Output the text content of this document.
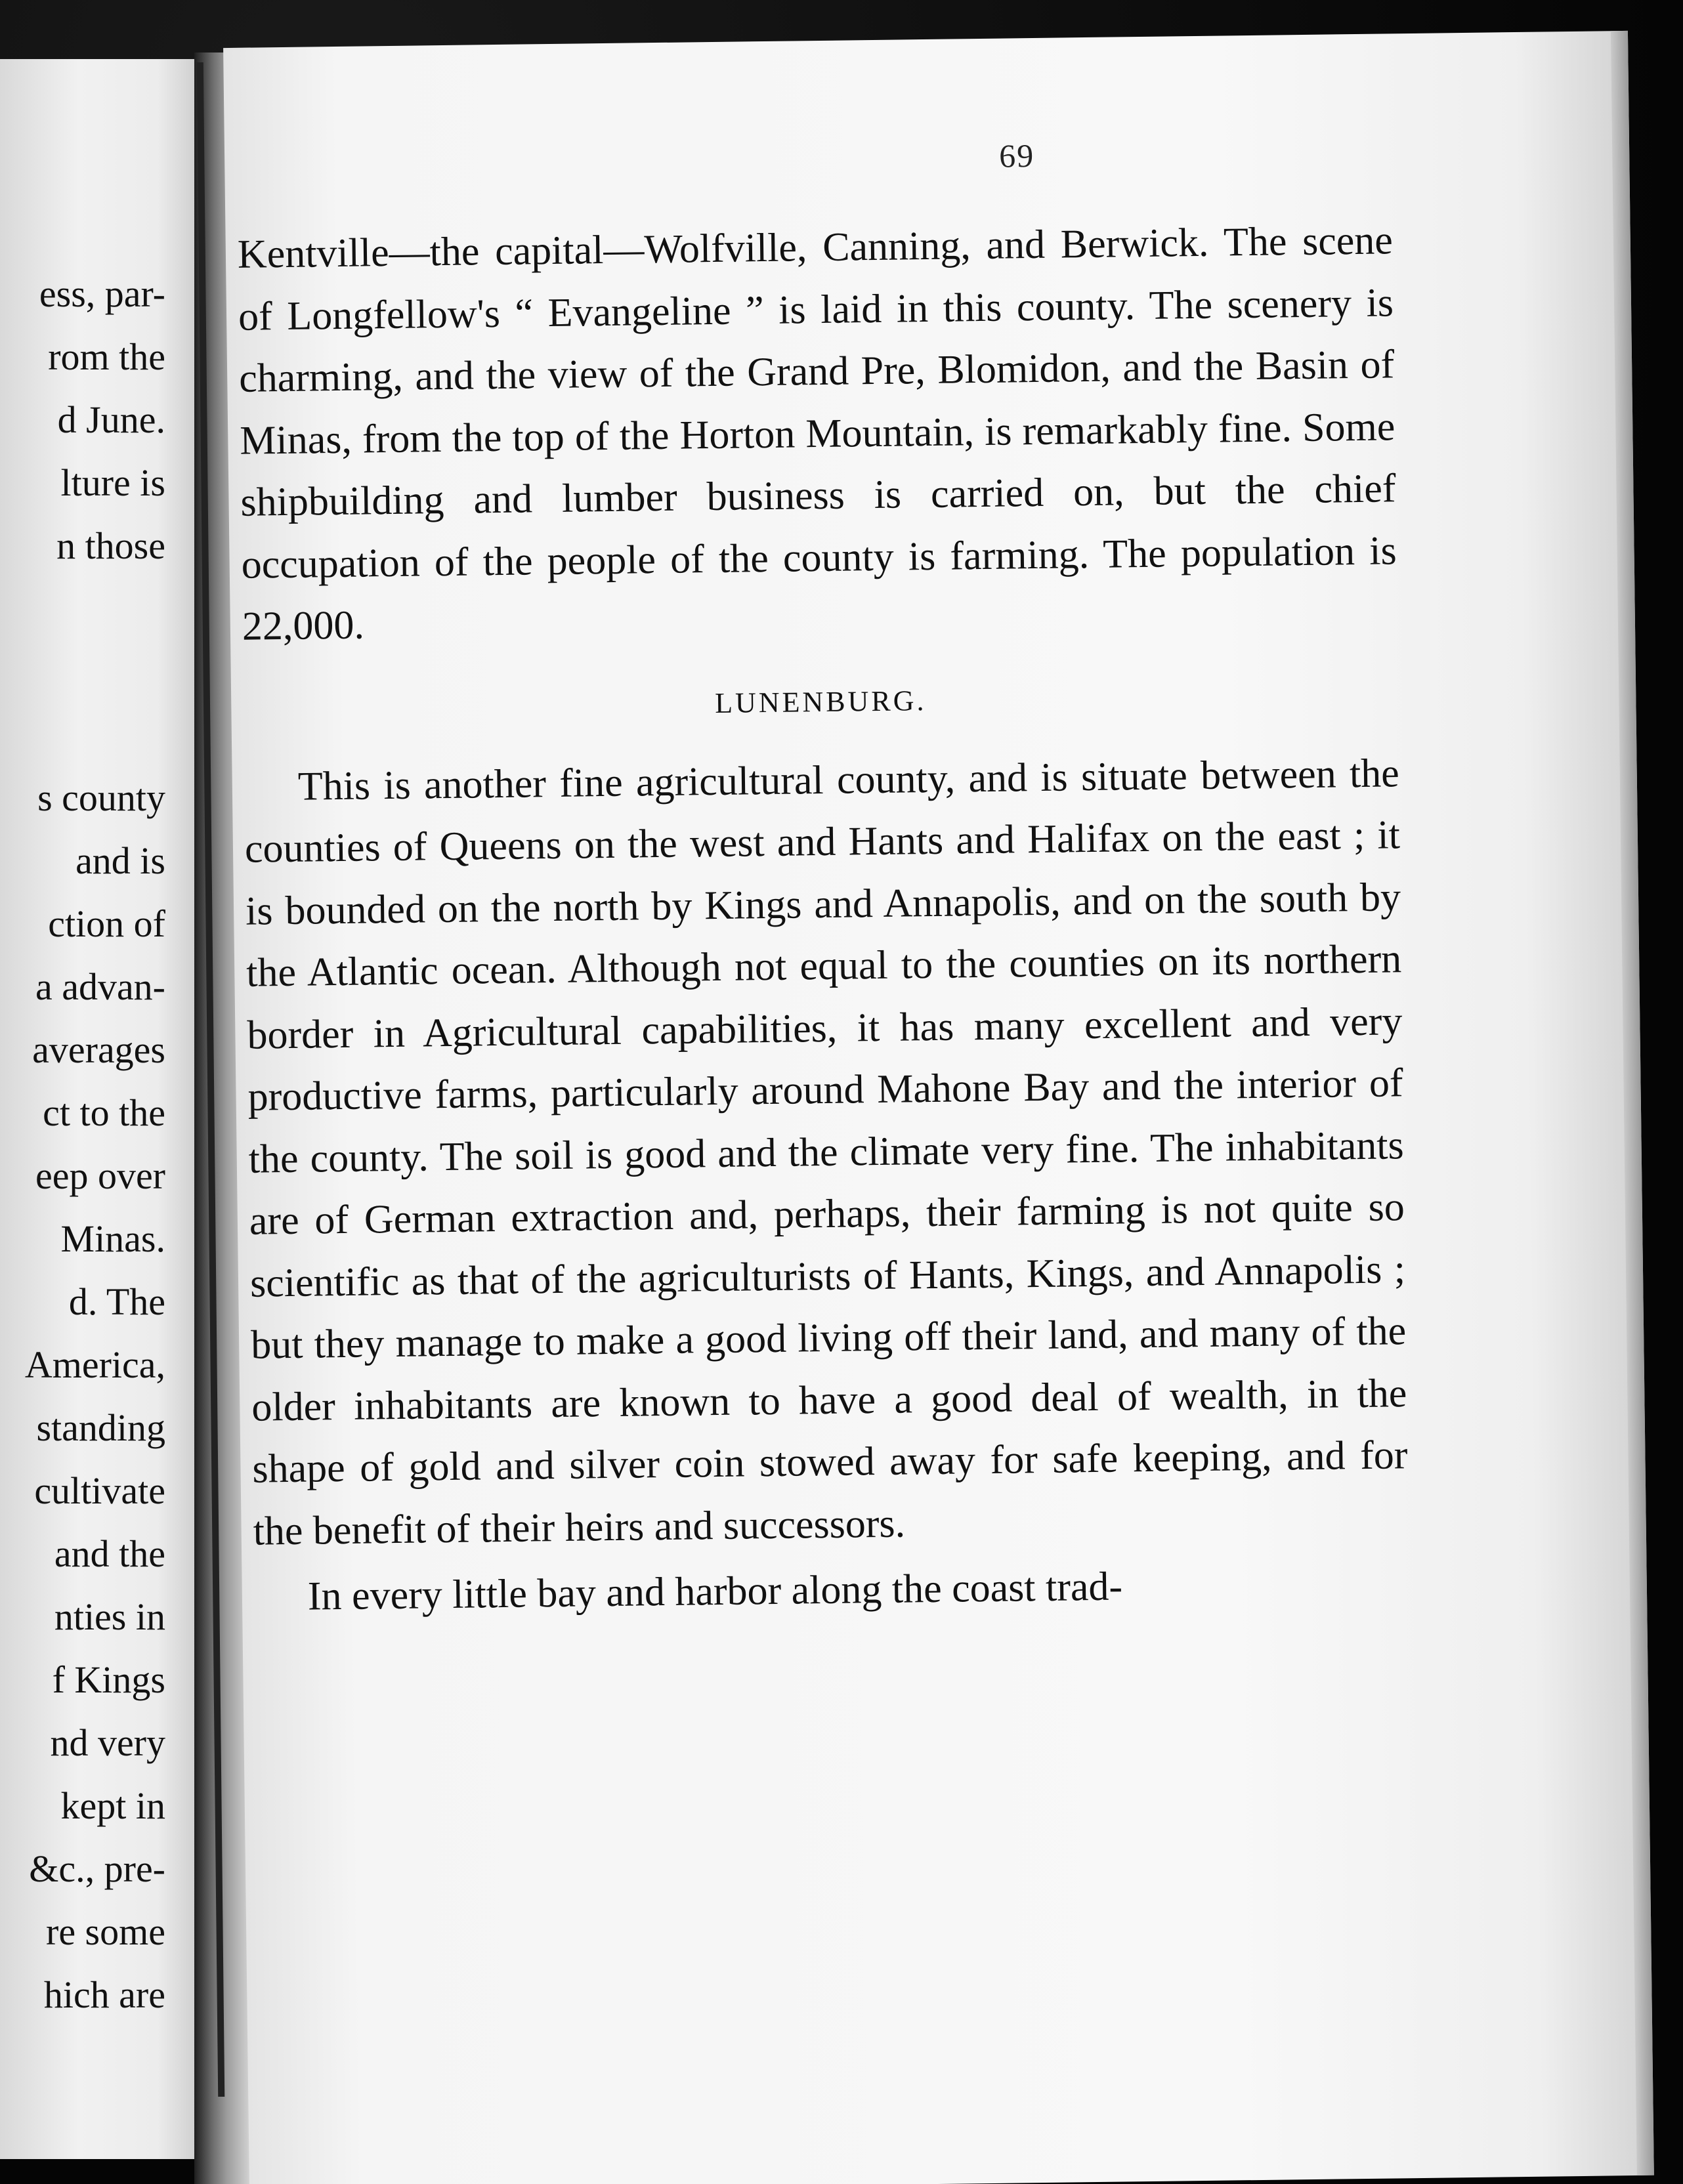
ess, par-
rom the
d June.
lture is
n those
s county
and is
ction of
a advan-
averages
ct to the
eep over
Minas.
d. The
America,
standing
cultivate
and the
nties in
f Kings
nd very
kept in
&c., pre-
re some
hich are
69

Kentville—the capital—Wolfville, Canning, and Berwick. The scene of Longfellow's “ Evangeline ” is laid in this county. The scenery is charming, and the view of the Grand Pre, Blomidon, and the Basin of Minas, from the top of the Horton Mountain, is remarkably fine. Some shipbuilding and lumber business is carried on, but the chief occupation of the people of the county is farming. The population is 22,000.

LUNENBURG.

This is another fine agricultural county, and is situate between the counties of Queens on the west and Hants and Halifax on the east ; it is bounded on the north by Kings and Annapolis, and on the south by the Atlantic ocean. Although not equal to the counties on its northern border in Agricultural capabilities, it has many excellent and very productive farms, particularly around Mahone Bay and the interior of the county. The soil is good and the climate very fine. The inhabitants are of German extraction and, perhaps, their farming is not quite so scientific as that of the agriculturists of Hants, Kings, and Annapolis ; but they manage to make a good living off their land, and many of the older inhabitants are known to have a good deal of wealth, in the shape of gold and silver coin stowed away for safe keeping, and for the benefit of their heirs and successors.

In every little bay and harbor along the coast trad-
